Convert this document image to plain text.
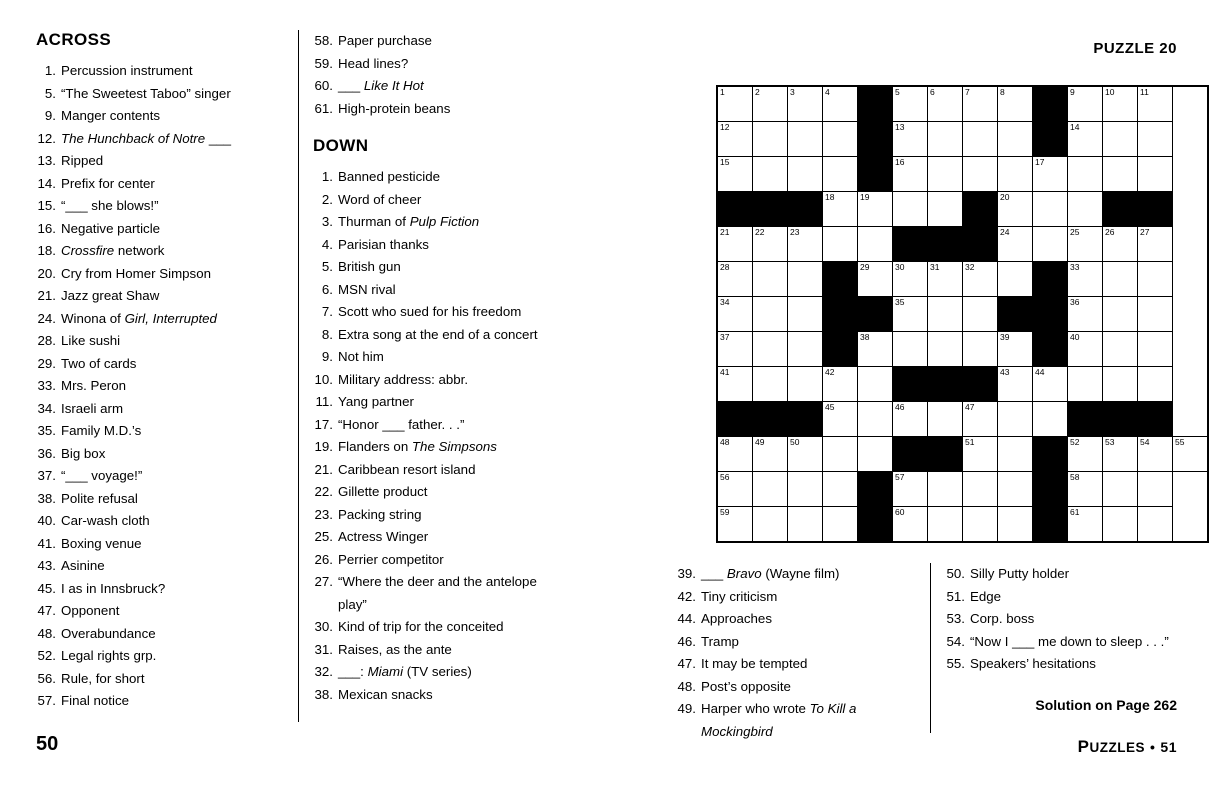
ACROSS
1. Percussion instrument
5. “The Sweetest Taboo” singer
9. Manger contents
12. The Hunchback of Notre ___
13. Ripped
14. Prefix for center
15. “___ she blows!”
16. Negative particle
18. Crossfire network
20. Cry from Homer Simpson
21. Jazz great Shaw
24. Winona of Girl, Interrupted
28. Like sushi
29. Two of cards
33. Mrs. Peron
34. Israeli arm
35. Family M.D.’s
36. Big box
37. “___ voyage!”
38. Polite refusal
40. Car-wash cloth
41. Boxing venue
43. Asinine
45. I as in Innsbruck?
47. Opponent
48. Overabundance
52. Legal rights grp.
56. Rule, for short
57. Final notice
58. Paper purchase
59. Head lines?
60. ___ Like It Hot
61. High-protein beans
DOWN
1. Banned pesticide
2. Word of cheer
3. Thurman of Pulp Fiction
4. Parisian thanks
5. British gun
6. MSN rival
7. Scott who sued for his freedom
8. Extra song at the end of a concert
9. Not him
10. Military address: abbr.
11. Yang partner
17. “Honor ___ father. . .”
19. Flanders on The Simpsons
21. Caribbean resort island
22. Gillette product
23. Packing string
25. Actress Winger
26. Perrier competitor
27. “Where the deer and the antelope
play”
30. Kind of trip for the conceited
31. Raises, as the ante
32. ___: Miami (TV series)
38. Mexican snacks
PUZZLE 20
1	2	3	4		5	6	7	8		9	10	11	

12					13					14			

15					16				17				

			18	19				20					

21	22	23						24		25	26	27	

28				29	30	31	32			33			

34					35					36			

37				38				39		40			

41			42					43	44				

			45		46		47						

48	49	50					51			52	53	54	55

56					57					58			

59					60					61			

39. ___ Bravo (Wayne film)
42. Tiny criticism
44. Approaches
46. Tramp
47. It may be tempted
48. Post’s opposite
49. Harper who wrote To Kill a
Mockingbird
50. Silly Putty holder
51. Edge
53. Corp. boss
54. “Now I ___ me down to sleep . . .”
55. Speakers’ hesitations
Solution on Page 262
50	PUZZLES • 51
